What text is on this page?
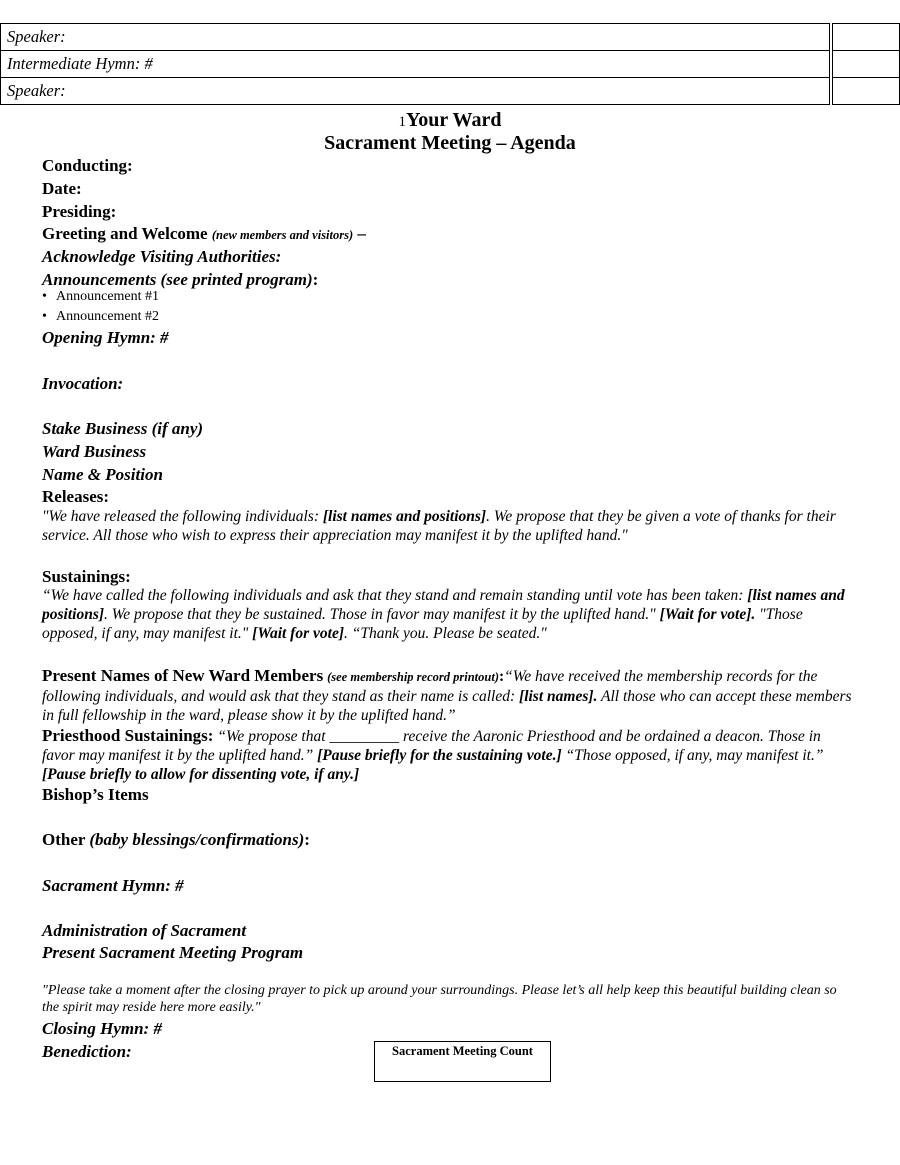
Speaker:	
Intermediate Hymn: #	
Speaker:	
1Your Ward
Sacrament Meeting – Agenda
Conducting:
Date:
Presiding:
Greeting and Welcome (new members and visitors) –
Acknowledge Visiting Authorities:
Announcements (see printed program):
• Announcement #1
• Announcement #2
Opening Hymn: #
Invocation:
Stake Business (if any)
Ward Business
Name & Position
Releases:
"We have released the following individuals: [list names and positions]. We propose that they be given a vote of thanks for their service. All those who wish to express their appreciation may manifest it by the uplifted hand."
Sustainings:
“We have called the following individuals and ask that they stand and remain standing until vote has been taken: [list names and positions]. We propose that they be sustained. Those in favor may manifest it by the uplifted hand." [Wait for vote]. "Those opposed, if any, may manifest it." [Wait for vote]. “Thank you. Please be seated."
Present Names of New Ward Members (see membership record printout):“We have received the membership records for the following individuals, and would ask that they stand as their name is called: [list names]. All those who can accept these members in full fellowship in the ward, please show it by the uplifted hand.”
Priesthood Sustainings: “We propose that _________ receive the Aaronic Priesthood and be ordained a deacon. Those in favor may manifest it by the uplifted hand.” [Pause briefly for the sustaining vote.] “Those opposed, if any, may manifest it.” [Pause briefly to allow for dissenting vote, if any.]
Bishop’s Items
Other (baby blessings/confirmations):
Sacrament Hymn: #
Administration of Sacrament
Present Sacrament Meeting Program
"Please take a moment after the closing prayer to pick up around your surroundings. Please let’s all help keep this beautiful building clean so the spirit may reside here more easily."
Closing Hymn: #
Benediction:	Sacrament Meeting Count
